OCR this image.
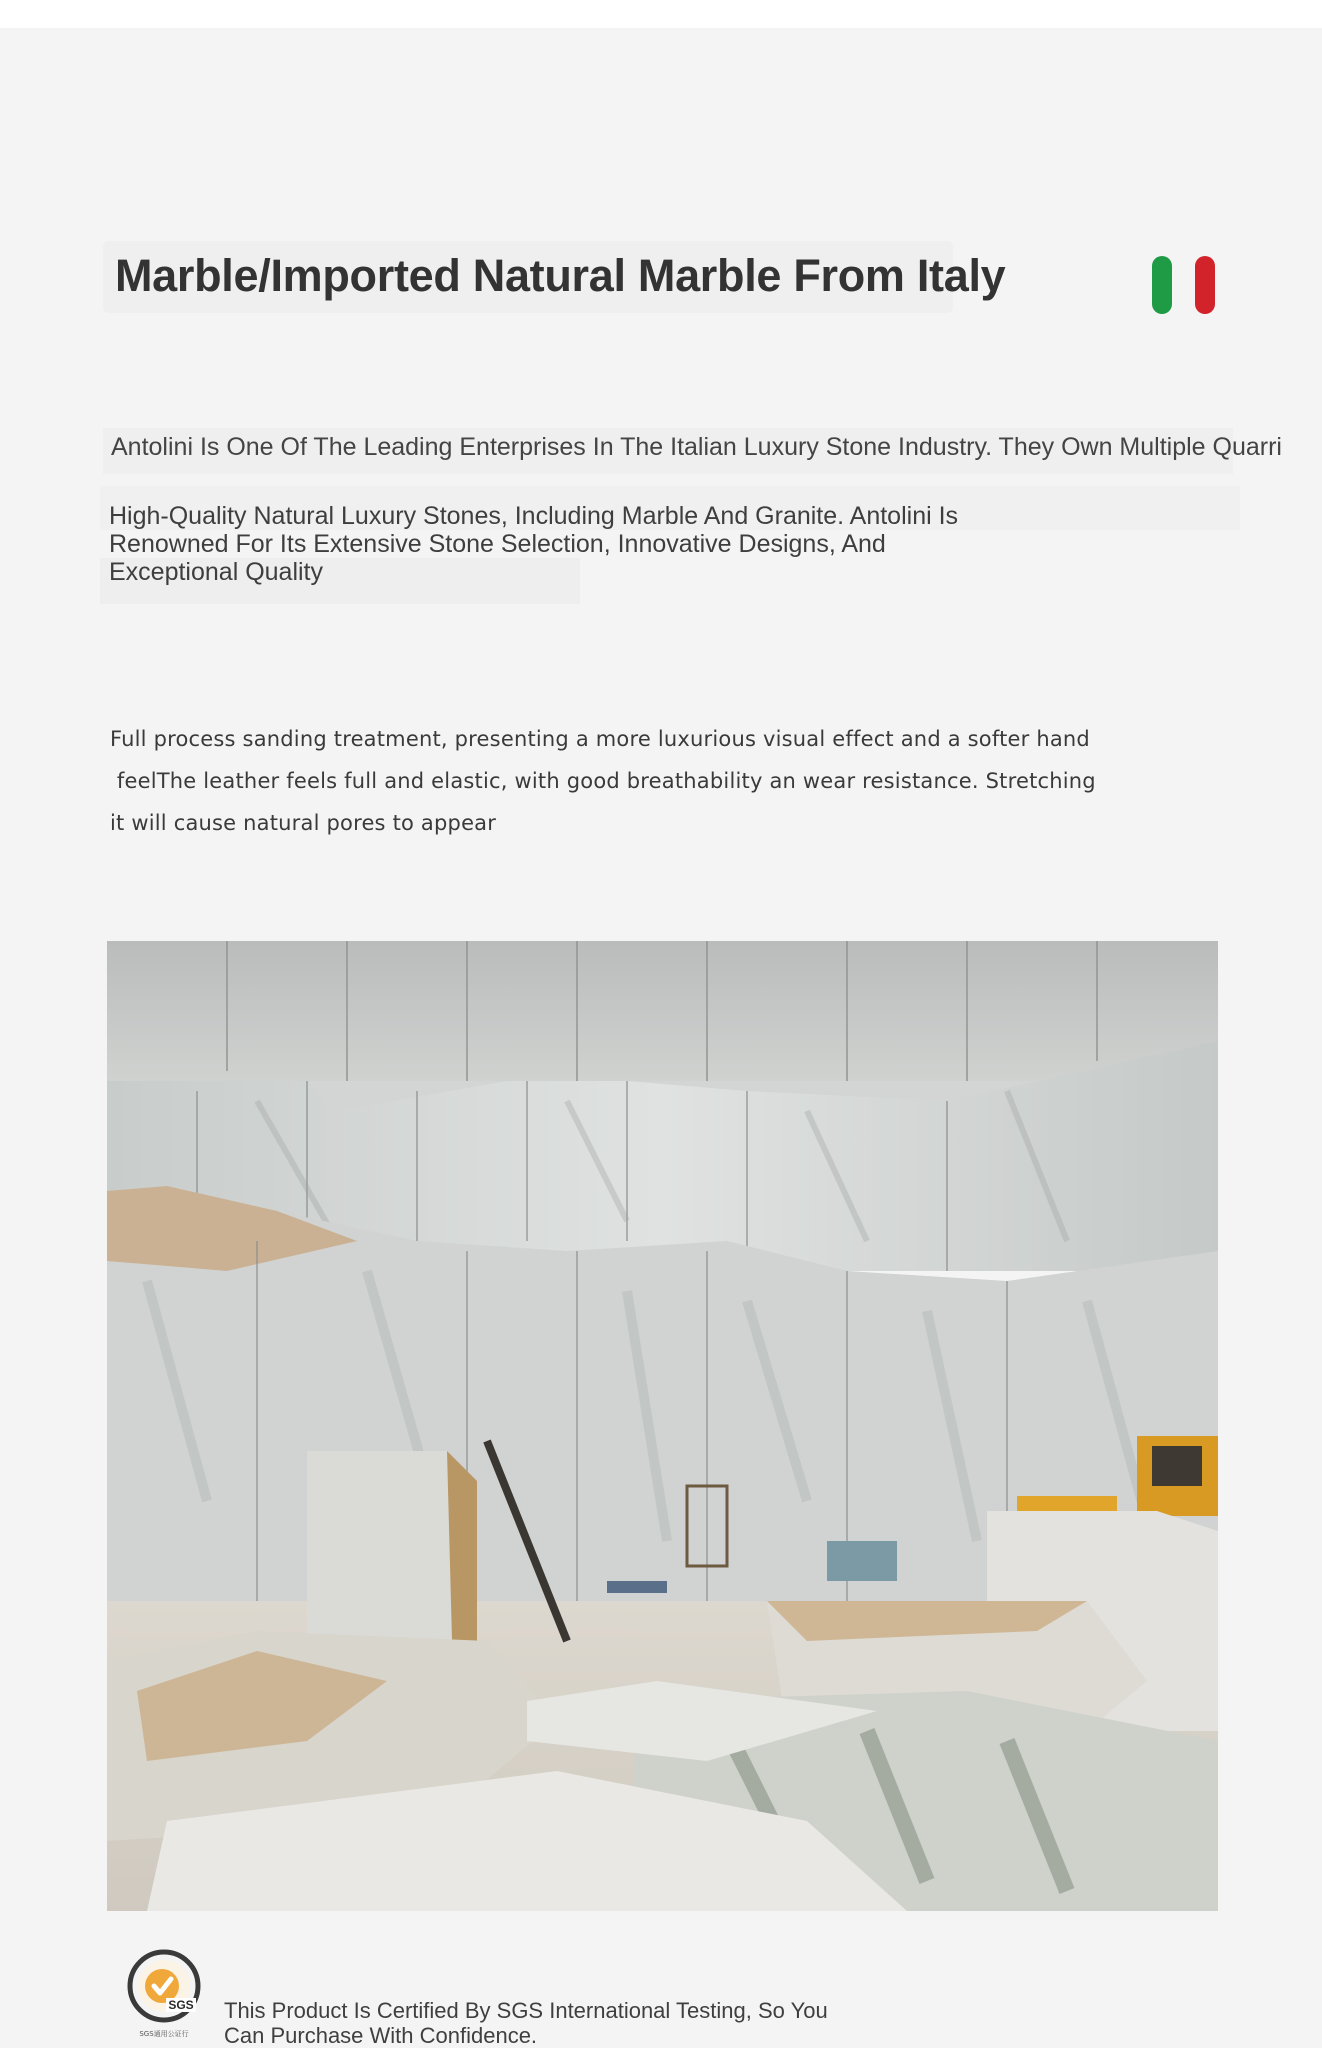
Marble/Imported Natural Marble From Italy
Antolini Is One Of The Leading Enterprises In The Italian Luxury Stone Industry. They Own Multiple Quarri

High-Quality Natural Luxury Stones, Including Marble And Granite. Antolini Is Renowned For Its Extensive Stone Selection, Innovative Designs, And Exceptional Quality

Full process sanding treatment, presenting a more luxurious visual effect and a softer hand
feelThe leather feels full and elastic, with good breathability an wear resistance. Stretching
it will cause natural pores to appear
SGS
SGS通用公证行

This Product Is Certified By SGS International Testing, So You Can Purchase With Confidence.
